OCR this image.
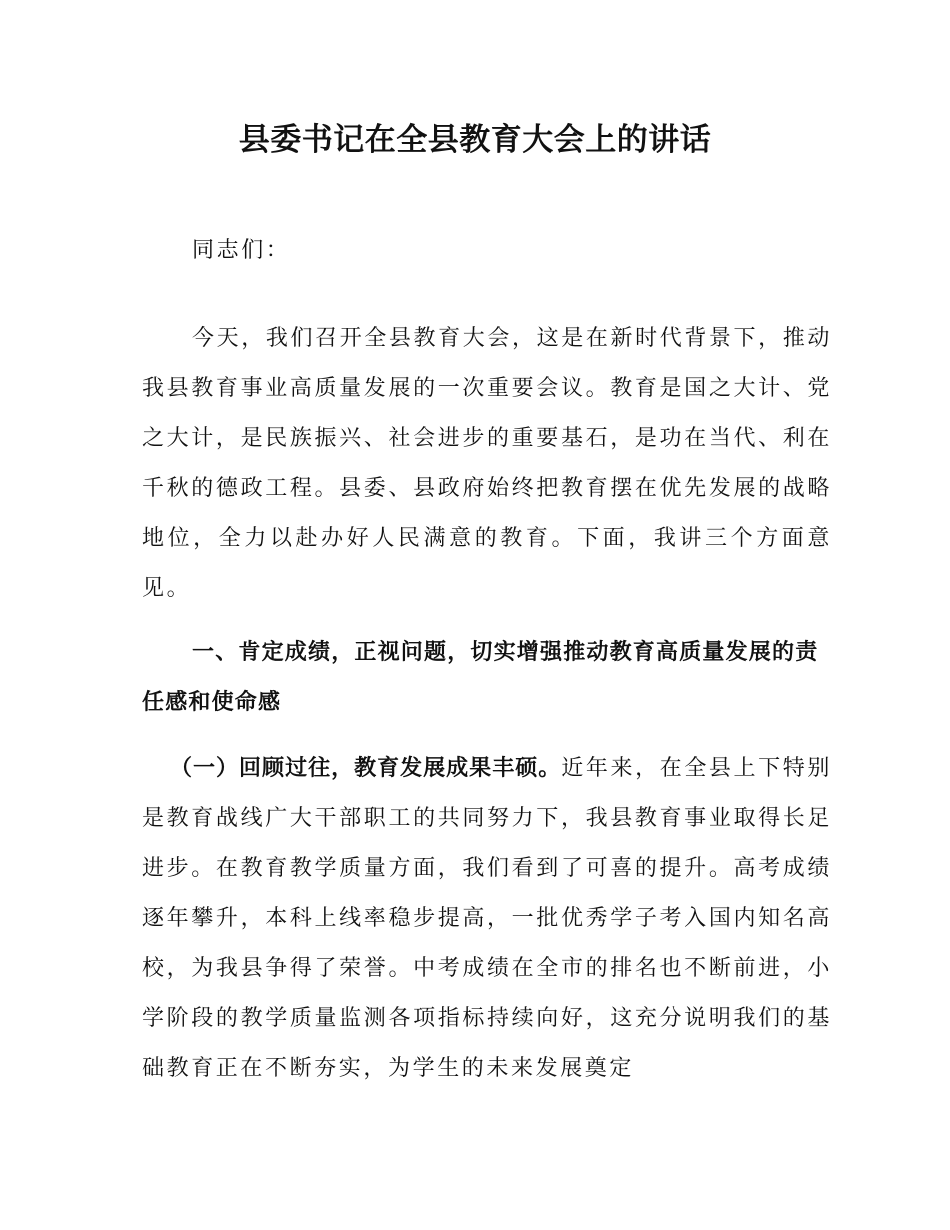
县委书记在全县教育大会上的讲话

同志们：

今天，我们召开全县教育大会，这是在新时代背景下，推动我县教育事业高质量发展的一次重要会议。教育是国之大计、党之大计，是民族振兴、社会进步的重要基石，是功在当代、利在千秋的德政工程。县委、县政府始终把教育摆在优先发展的战略地位，全力以赴办好人民满意的教育。下面，我讲三个方面意见。

一、肯定成绩，正视问题，切实增强推动教育高质量发展的责任感和使命感

（一）回顾过往，教育发展成果丰硕。近年来，在全县上下特别是教育战线广大干部职工的共同努力下，我县教育事业取得长足进步。在教育教学质量方面，我们看到了可喜的提升。高考成绩逐年攀升，本科上线率稳步提高，一批优秀学子考入国内知名高校，为我县争得了荣誉。中考成绩在全市的排名也不断前进，小学阶段的教学质量监测各项指标持续向好，这充分说明我们的基础教育正在不断夯实，为学生的未来发展奠定
